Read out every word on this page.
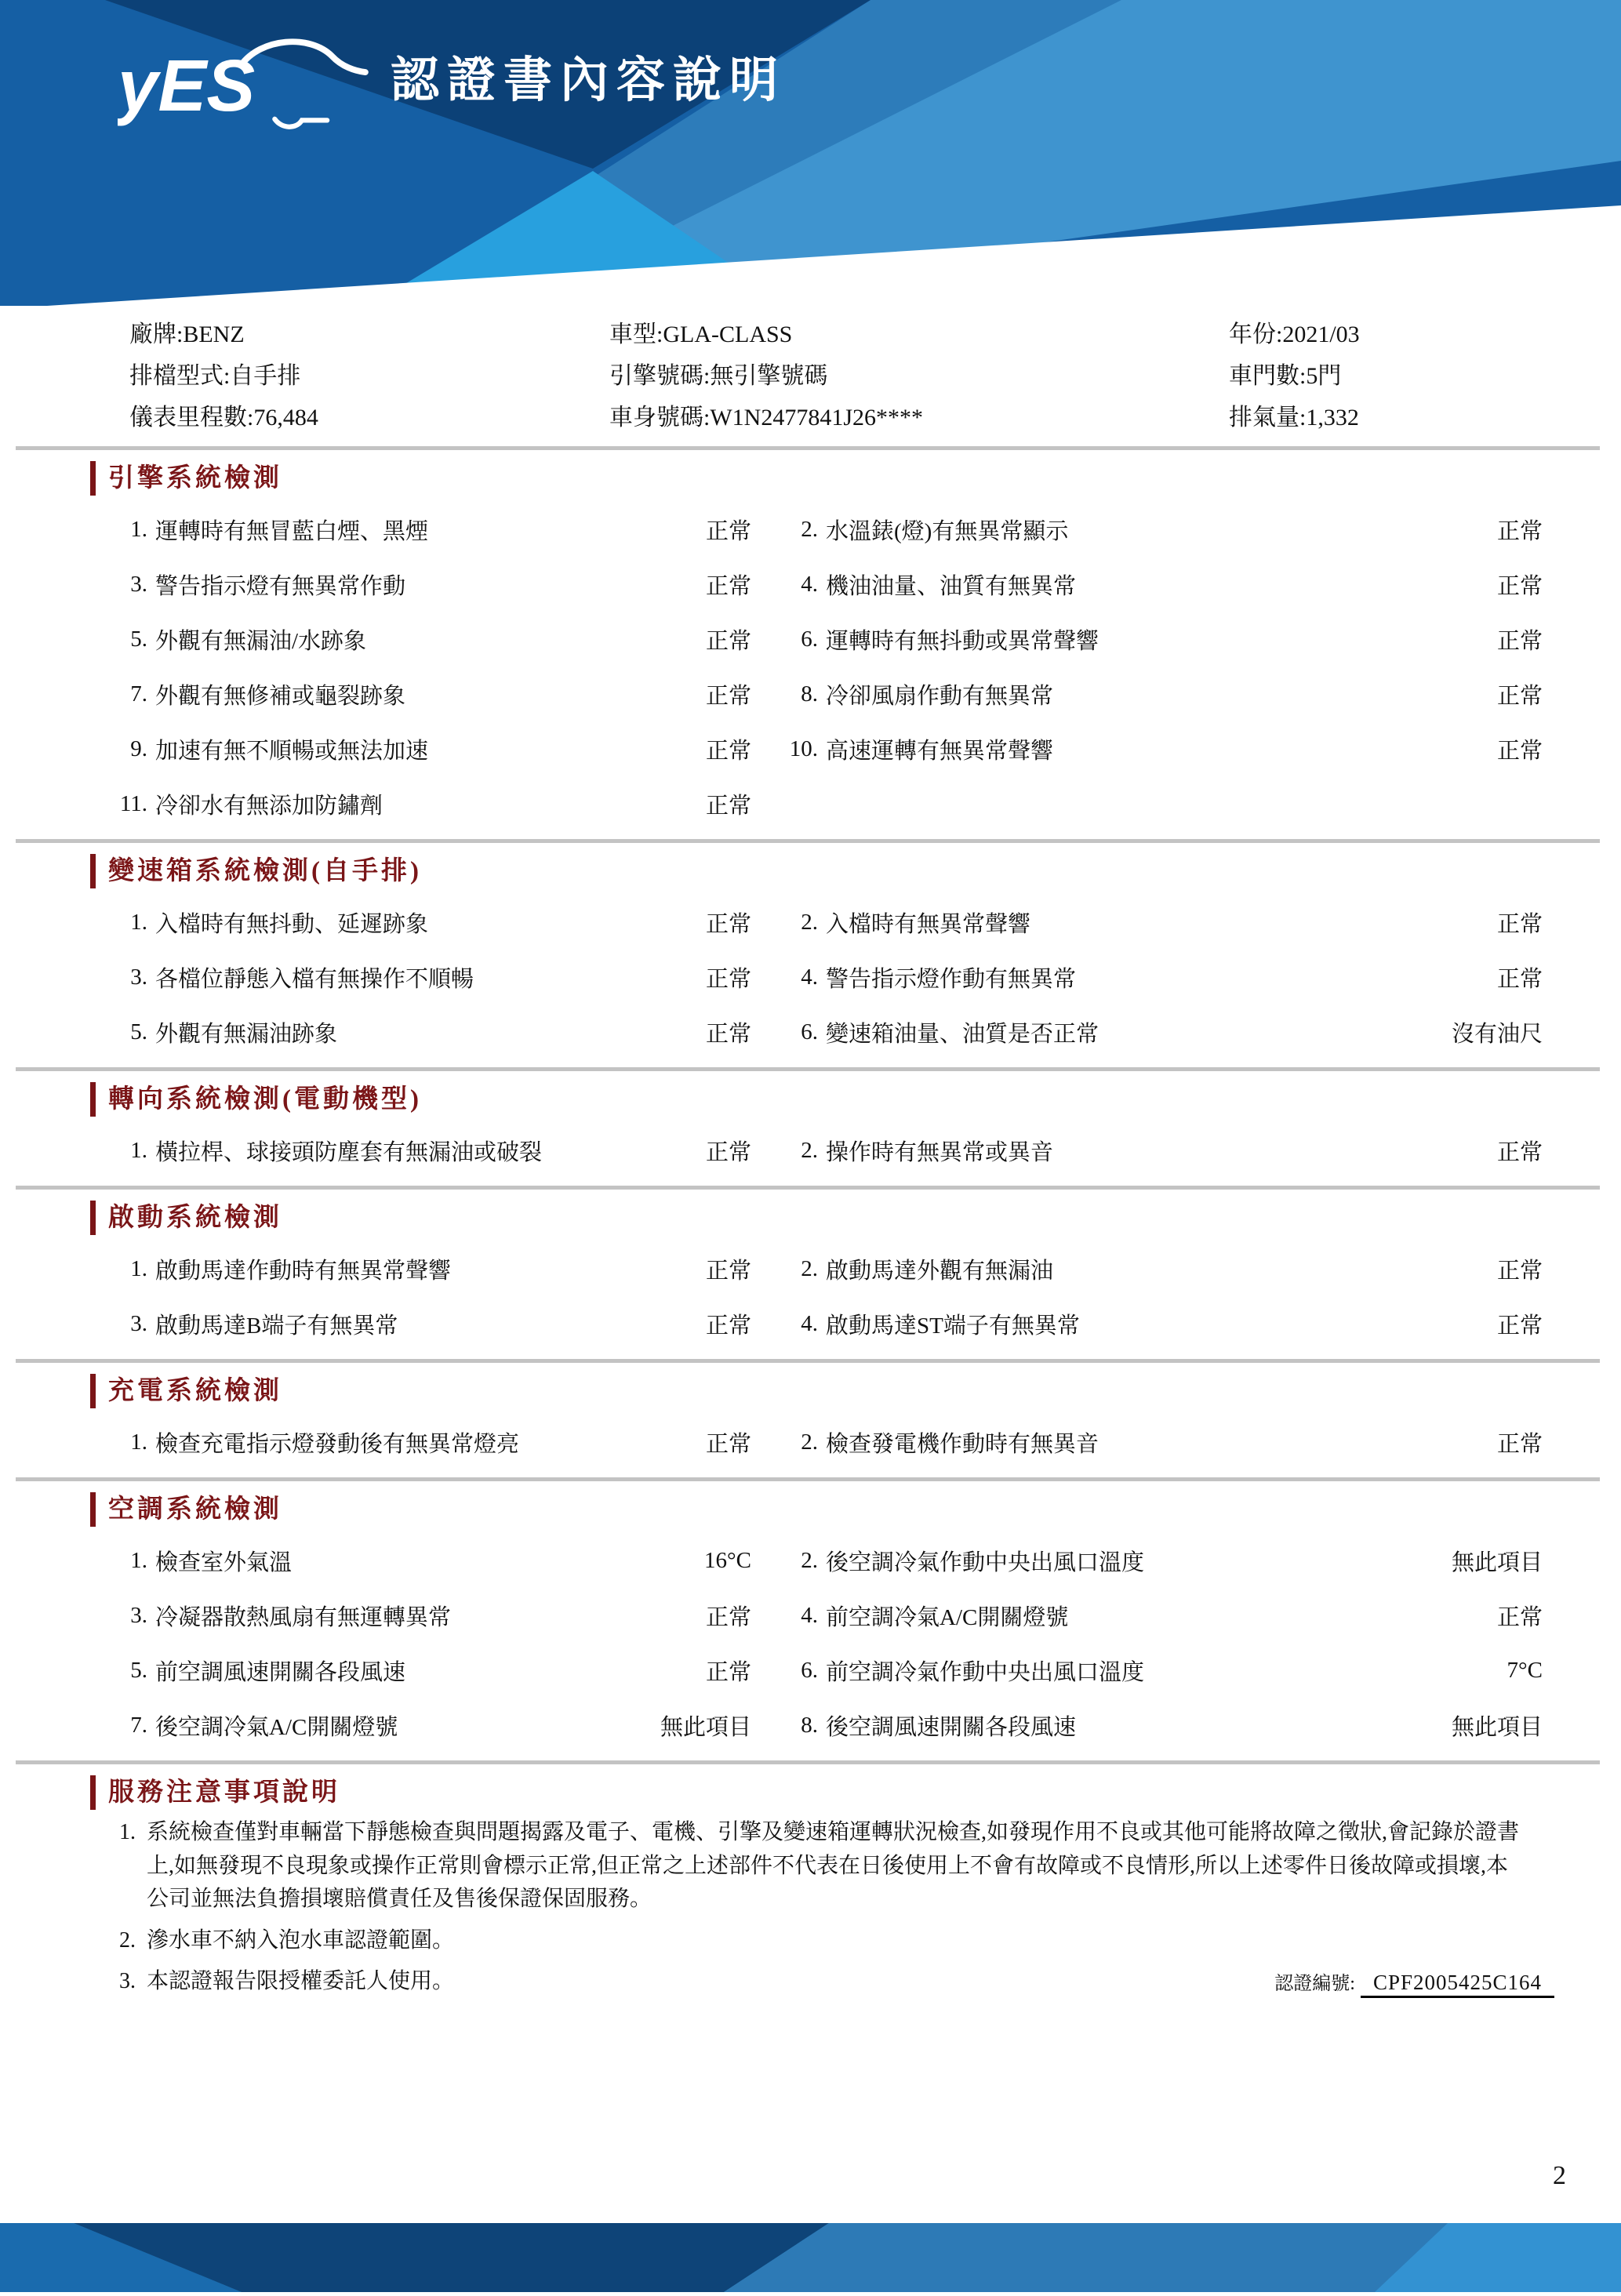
yES	認證書內容說明
廠牌:BENZ	車型:GLA-CLASS	年份:2021/03
排檔型式:自手排	引擎號碼:無引擎號碼	車門數:5門
儀表里程數:76,484	車身號碼:W1N2477841J26****	排氣量:1,332
引擎系統檢測
1. 運轉時有無冒藍白煙、黑煙	正常	2. 水溫錶(燈)有無異常顯示	正常
3. 警告指示燈有無異常作動	正常	4. 機油油量、油質有無異常	正常
5. 外觀有無漏油/水跡象	正常	6. 運轉時有無抖動或異常聲響	正常
7. 外觀有無修補或龜裂跡象	正常	8. 冷卻風扇作動有無異常	正常
9. 加速有無不順暢或無法加速	正常	10. 高速運轉有無異常聲響	正常
11. 冷卻水有無添加防鏽劑	正常
變速箱系統檢測(自手排)
1. 入檔時有無抖動、延遲跡象	正常	2. 入檔時有無異常聲響	正常
3. 各檔位靜態入檔有無操作不順暢	正常	4. 警告指示燈作動有無異常	正常
5. 外觀有無漏油跡象	正常	6. 變速箱油量、油質是否正常	沒有油尺
轉向系統檢測(電動機型)
1. 橫拉桿、球接頭防塵套有無漏油或破裂	正常	2. 操作時有無異常或異音	正常
啟動系統檢測
1. 啟動馬達作動時有無異常聲響	正常	2. 啟動馬達外觀有無漏油	正常
3. 啟動馬達B端子有無異常	正常	4. 啟動馬達ST端子有無異常	正常
充電系統檢測
1. 檢查充電指示燈發動後有無異常燈亮	正常	2. 檢查發電機作動時有無異音	正常
空調系統檢測
1. 檢查室外氣溫	16°C	2. 後空調冷氣作動中央出風口溫度	無此項目
3. 冷凝器散熱風扇有無運轉異常	正常	4. 前空調冷氣A/C開關燈號	正常
5. 前空調風速開關各段風速	正常	6. 前空調冷氣作動中央出風口溫度	7°C
7. 後空調冷氣A/C開關燈號	無此項目	8. 後空調風速開關各段風速	無此項目
服務注意事項說明
1. 系統檢查僅對車輛當下靜態檢查與問題揭露及電子、電機、引擎及變速箱運轉狀況檢查,如發現作用不良或其他可能將故障之徵狀,會記錄於證書上,如無發現不良現象或操作正常則會標示正常,但正常之上述部件不代表在日後使用上不會有故障或不良情形,所以上述零件日後故障或損壞,本公司並無法負擔損壞賠償責任及售後保證保固服務。
2. 滲水車不納入泡水車認證範圍。
3. 本認證報告限授權委託人使用。	認證編號: CPF2005425C164
2
